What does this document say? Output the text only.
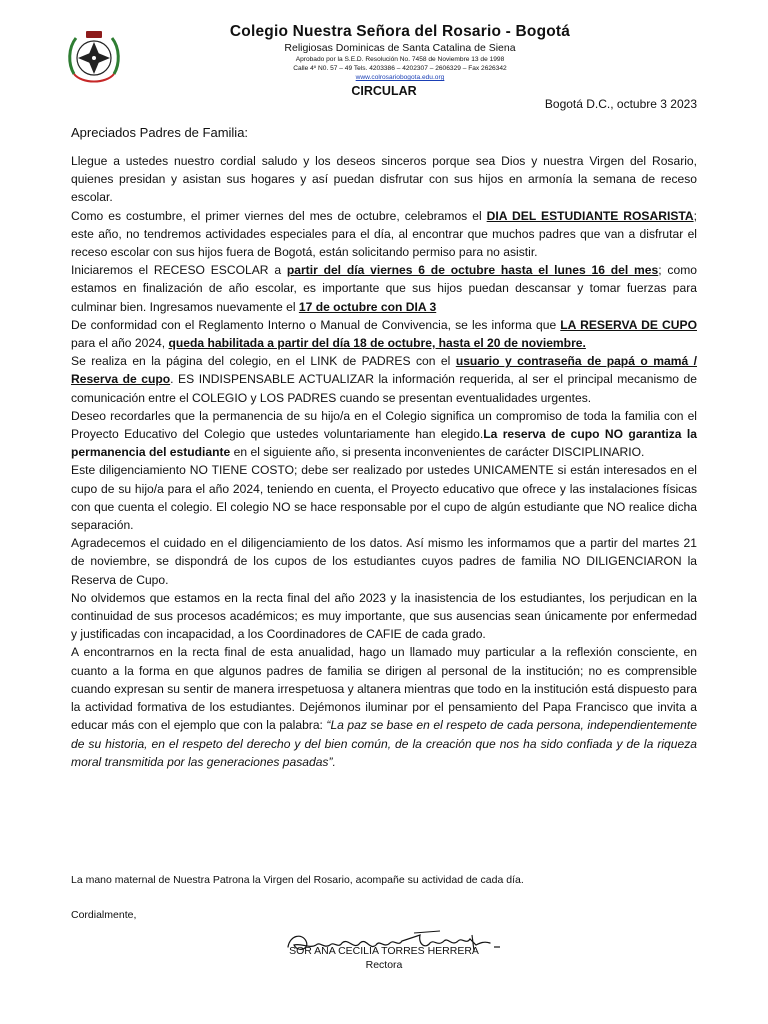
Colegio Nuestra Señora del Rosario - Bogotá

Religiosas Dominicas de Santa Catalina de Siena

Aprobado por la S.E.D. Resolución No. 7458 de Noviembre 13 de 1998

Calle 4º N0. 57 – 49 Tels. 4203386 – 4202307 – 2606329 – Fax 2626342

www.colrosariobogota.edu.org

CIRCULAR

Bogotá D.C., octubre 3 2023

Apreciados Padres de Familia:

Llegue a ustedes nuestro cordial saludo y los deseos sinceros porque sea Dios y nuestra Virgen del Rosario, quienes presidan y asistan sus hogares y así puedan disfrutar con sus hijos en armonía la semana de receso escolar.

Como es costumbre, el primer viernes del mes de octubre, celebramos el DIA DEL ESTUDIANTE ROSARISTA; este año, no tendremos actividades especiales para el día, al encontrar que muchos padres que van a disfrutar el receso escolar con sus hijos fuera de Bogotá, están solicitando permiso para no asistir.

Iniciaremos el RECESO ESCOLAR a partir del día viernes 6 de octubre hasta el lunes 16 del mes; como estamos en finalización de año escolar, es importante que sus hijos puedan descansar y tomar fuerzas para culminar bien. Ingresamos nuevamente el 17 de octubre con DIA 3

De conformidad con el Reglamento Interno o Manual de Convivencia, se les informa que LA RESERVA DE CUPO para el año 2024, queda habilitada a partir del día 18 de octubre, hasta el 20 de noviembre.

Se realiza en la página del colegio, en el LINK de PADRES con el usuario y contraseña de papá o mamá / Reserva de cupo. ES INDISPENSABLE ACTUALIZAR la información requerida, al ser el principal mecanismo de comunicación entre el COLEGIO y LOS PADRES cuando se presentan eventualidades urgentes.

Deseo recordarles que la permanencia de su hijo/a en el Colegio significa un compromiso de toda la familia con el Proyecto Educativo del Colegio que ustedes voluntariamente han elegido.La reserva de cupo NO garantiza la permanencia del estudiante en el siguiente año, si presenta inconvenientes de carácter DISCIPLINARIO.

Este diligenciamiento NO TIENE COSTO; debe ser realizado por ustedes UNICAMENTE si están interesados en el cupo de su hijo/a para el año 2024, teniendo en cuenta, el Proyecto educativo que ofrece y las instalaciones físicas con que cuenta el colegio. El colegio NO se hace responsable por el cupo de algún estudiante que NO realice dicha separación.

Agradecemos el cuidado en el diligenciamiento de los datos. Así mismo les informamos que a partir del martes 21 de noviembre, se dispondrá de los cupos de los estudiantes cuyos padres de familia NO DILIGENCIARON la Reserva de Cupo.

No olvidemos que estamos en la recta final del año 2023 y la inasistencia de los estudiantes, los perjudican en la continuidad de sus procesos académicos; es muy importante, que sus ausencias sean únicamente por enfermedad y justificadas con incapacidad, a los Coordinadores de CAFIE de cada grado.

A encontrarnos en la recta final de esta anualidad, hago un llamado muy particular a la reflexión consciente, en cuanto a la forma en que algunos padres de familia se dirigen al personal de la institución; no es comprensible cuando expresan su sentir de manera irrespetuosa y altanera mientras que todo en la institución está dispuesto para la actividad formativa de los estudiantes. Dejémonos iluminar por el pensamiento del Papa Francisco que invita a educar más con el ejemplo que con la palabra: “La paz se base en el respeto de cada persona, independientemente de su historia, en el respeto del derecho y del bien común, de la creación que nos ha sido confiada y de la riqueza moral transmitida por las generaciones pasadas”.

La mano maternal de Nuestra Patrona la Virgen del Rosario, acompañe su actividad de cada día.

Cordialmente,

SOR ANA CECILIA TORRES HERRERA

Rectora
